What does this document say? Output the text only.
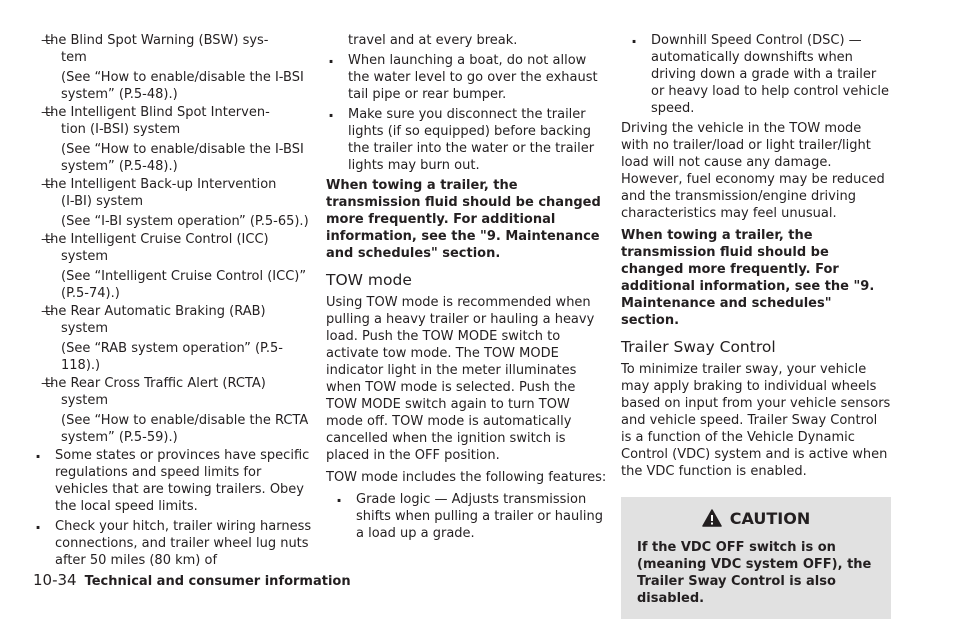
— the Blind Spot Warning (BSW) sys-
tem
(See “How to enable/disable the I-BSI system” (P.5-48).)
— the Intelligent Blind Spot Interven-
tion (I-BSI) system
(See “How to enable/disable the I-BSI system” (P.5-48).)
— the Intelligent Back-up Intervention
(I-BI) system
(See “I-BI system operation” (P.5-65).)
— the Intelligent Cruise Control (ICC)
system
(See “Intelligent Cruise Control (ICC)” (P.5-74).)
— the Rear Automatic Braking (RAB)
system
(See “RAB system operation” (P.5-118).)
— the Rear Cross Traffic Alert (RCTA)
system
(See “How to enable/disable the RCTA system” (P.5-59).)
. Some states or provinces have specific regulations and speed limits for vehicles that are towing trailers. Obey the local speed limits.
. Check your hitch, trailer wiring harness connections, and trailer wheel lug nuts after 50 miles (80 km) of

travel and at every break.

. When launching a boat, do not allow the water level to go over the exhaust tail pipe or rear bumper.
. Make sure you disconnect the trailer lights (if so equipped) before backing the trailer into the water or the trailer lights may burn out.

When towing a trailer, the transmission fluid should be changed more frequently. For additional information, see the "9. Maintenance and schedules" section.

TOW mode

Using TOW mode is recommended when pulling a heavy trailer or hauling a heavy load. Push the TOW MODE switch to activate tow mode. The TOW MODE indicator light in the meter illuminates when TOW mode is selected. Push the TOW MODE switch again to turn TOW mode off. TOW mode is automatically cancelled when the ignition switch is placed in the OFF position.

TOW mode includes the following features:

. Grade logic — Adjusts transmission shifts when pulling a trailer or hauling a load up a grade.
. Downhill Speed Control (DSC) — automatically downshifts when driving down a grade with a trailer or heavy load to help control vehicle speed.

Driving the vehicle in the TOW mode with no trailer/load or light trailer/light load will not cause any damage. However, fuel economy may be reduced and the transmission/engine driving characteristics may feel unusual.

When towing a trailer, the transmission fluid should be changed more frequently. For additional information, see the "9. Maintenance and schedules" section.

Trailer Sway Control

To minimize trailer sway, your vehicle may apply braking to individual wheels based on input from your vehicle sensors and vehicle speed. Trailer Sway Control is a function of the Vehicle Dynamic Control (VDC) system and is active when the VDC function is enabled.

CAUTION
If the VDC OFF switch is on (meaning VDC system OFF), the Trailer Sway Control is also disabled.
10-34 Technical and consumer information
